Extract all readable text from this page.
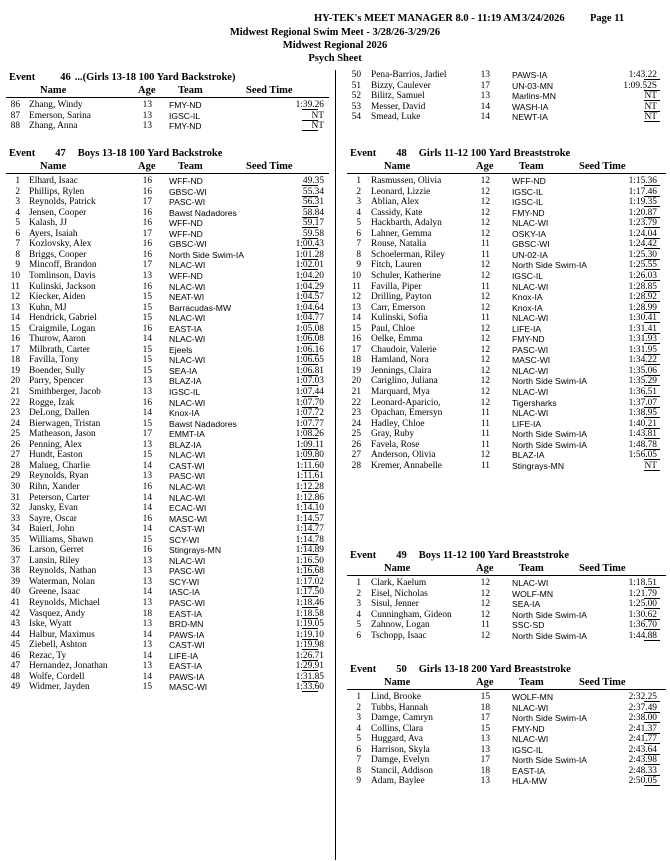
HY-TEK's MEET MANAGER 8.0 - 11:19 AM 3/24/2026 Page 11
Midwest Regional Swim Meet - 3/28/26-3/29/26
Midwest Regional 2026
Psych Sheet
Event 46 ...(Girls 13-18 100 Yard Backstroke)
Name	Age Team	Seed Time
86 Zhang, Windy	13 FMY-ND	1:39.26
87 Emerson, Sarina	13 IGSC-IL	NT
88 Zhang, Anna	13 FMY-ND	NT
Event 47 Boys 13-18 100 Yard Backstroke
Name	Age Team	Seed Time
1 Elhard, Isaac	16 WFF-ND	49.35
2 Phillips, Rylen	16 GBSC-WI	55.34
3 Reynolds, Patrick	17 PASC-WI	56.31
4 Jensen, Cooper	16 Bawst Nadadores	58.84
5 Kalash, JJ	16 WFF-ND	59.17
6 Ayers, Isaiah	17 WFF-ND	59.58
7 Kozlovsky, Alex	16 GBSC-WI	1:00.43
8 Briggs, Cooper	16 North Side Swim-IA	1:01.28
9 Mincoff, Brandon	17 NLAC-WI	1:02.01
10 Tomlinson, Davis	13 WFF-ND	1:04.20
11 Kulinski, Jackson	16 NLAC-WI	1:04.29
12 Kiecker, Aiden	15 NEAT-WI	1:04.57
13 Kuhn, MJ	15 Barracudas-MW	1:04.64
14 Hendrick, Gabriel	15 NLAC-WI	1:04.77
15 Craigmile, Logan	16 EAST-IA	1:05.08
16 Thurow, Aaron	14 NLAC-WI	1:06.08
17 Milbrath, Carter	15 Ejeels	1:06.16
18 Favilla, Tony	15 NLAC-WI	1:06.65
19 Boender, Sully	15 SEA-IA	1:06.81
20 Parry, Spencer	13 BLAZ-IA	1:07.03
21 Smithberger, Jacob	13 IGSC-IL	1:07.44
22 Rogge, Izak	16 NLAC-WI	1:07.70
23 DeLong, Dallen	14 Knox-IA	1:07.72
24 Bierwagen, Tristan	15 Bawst Nadadores	1:07.77
25 Matheason, Jason	17 EMMT-IA	1:08.26
26 Penning, Alex	13 BLAZ-IA	1:09.11
27 Hundt, Easton	15 NLAC-WI	1:09.80
28 Malueg, Charlie	14 CAST-WI	1:11.60
29 Reynolds, Ryan	13 PASC-WI	1:11.61
30 Rihn, Xander	16 NLAC-WI	1:12.28
31 Peterson, Carter	14 NLAC-WI	1:12.86
32 Jansky, Evan	14 ECAC-WI	1:14.10
33 Sayre, Oscar	16 MASC-WI	1:14.57
34 Baierl, John	14 CAST-WI	1:14.77
35 Williams, Shawn	15 SCY-WI	1:14.78
36 Larson, Gerret	16 Stingrays-MN	1:14.89
37 Lansin, Riley	13 NLAC-WI	1:16.50
38 Reynolds, Nathan	13 PASC-WI	1:16.68
39 Waterman, Nolan	13 SCY-WI	1:17.02
40 Greene, Isaac	14 IASC-IA	1:17.50
41 Reynolds, Michael	13 PASC-WI	1:18.46
42 Vasquez, Andy	18 EAST-IA	1:18.58
43 Iske, Wyatt	13 BRD-MN	1:19.05
44 Halbur, Maximus	14 PAWS-IA	1:19.10
45 Ziebell, Ashton	13 CAST-WI	1:19.98
46 Rezac, Ty	14 LIFE-IA	1:26.71
47 Hernandez, Jonathan	13 EAST-IA	1:29.91
48 Wolfe, Cordell	14 PAWS-IA	1:31.85
49 Widmer, Jayden	15 MASC-WI	1:33.60
50 Pena-Barrios, Jadiel	13	PAWS-IA	1:43.22
51 Bizzy, Caulever	17	UN-03-MN	1:09.52S
52 Bilitz, Samuel	13	Marlins-MN	NT
53 Messer, David	14	WASH-IA	NT
54 Smead, Luke	14	NEWT-IA	NT
Event 48 Girls 11-12 100 Yard Breaststroke
Name	Age Team	Seed Time
1 Rasmussen, Olivia	12	WFF-ND	1:15.36
2 Leonard, Lizzie	12	IGSC-IL	1:17.46
3 Ablian, Alex	12	IGSC-IL	1:19.35
4 Cassidy, Kate	12	FMY-ND	1:20.87
5 Hackbarth, Adalyn	12	NLAC-WI	1:23.79
6 Lahner, Gemma	12	OSKY-IA	1:24.04
7 Rouse, Natalia	11	GBSC-WI	1:24.42
8 Schoelerman, Riley	11	UN-02-IA	1:25.30
9 Fitch, Lauren	12	North Side Swim-IA	1:25.55
10 Schuler, Katherine	12	IGSC-IL	1:26.03
11 Favilla, Piper	11	NLAC-WI	1:28.85
12 Drilling, Payton	12	Knox-IA	1:28.92
13 Carr, Emerson	12	Knox-IA	1:28.99
14 Kulinski, Sofia	11	NLAC-WI	1:30.41
15 Paul, Chloe	12	LIFE-IA	1:31.41
16 Oelke, Emma	12	FMY-ND	1:31.93
17 Chaudoir, Valerie	12	PASC-WI	1:31.95
18 Hamland, Nora	12	MASC-WI	1:34.22
19 Jennings, Claira	12	NLAC-WI	1:35.06
20 Cariglino, Juliana	12	North Side Swim-IA	1:35.29
21 Marquard, Mya	12	NLAC-WI	1:36.51
22 Leonard-Aparicio,	12	Tigersharks	1:37.07
23 Opachan, Emersyn	11	NLAC-WI	1:38.95
24 Hadley, Chloe	11	LIFE-IA	1:40.21
25 Gray, Ruby	11	North Side Swim-IA	1:43.81
26 Favela, Rose	11	North Side Swim-IA	1:48.78
27 Anderson, Olivia	12	BLAZ-IA	1:56.05
28 Kremer, Annabelle	11	Stingrays-MN	NT
Event 49 Boys 11-12 100 Yard Breaststroke
Name	Age Team	Seed Time
1 Clark, Kaelum	12	NLAC-WI	1:18.51
2 Eisel, Nicholas	12	WOLF-MN	1:21.79
3 Sisul, Jenner	12	SEA-IA	1:25.00
4 Cunningham, Gideon	12	North Side Swim-IA	1:30.62
5 Zahnow, Logan	11	SSC-SD	1:36.70
6 Tschopp, Isaac	12	North Side Swim-IA	1:44.88
Event 50 Girls 13-18 200 Yard Breaststroke
Name	Age Team	Seed Time
1 Lind, Brooke	15	WOLF-MN	2:32.25
2 Tubbs, Hannah	18	NLAC-WI	2:37.49
3 Damge, Camryn	17	North Side Swim-IA	2:38.00
4 Collins, Clara	15	FMY-ND	2:41.37
5 Huggard, Ava	13	NLAC-WI	2:41.77
6 Harrison, Skyla	13	IGSC-IL	2:43.64
7 Damge, Evelyn	17	North Side Swim-IA	2:43.98
8 Stancil, Addison	18	EAST-IA	2:48.33
9 Adam, Baylee	13	HLA-MW	2:50.05
